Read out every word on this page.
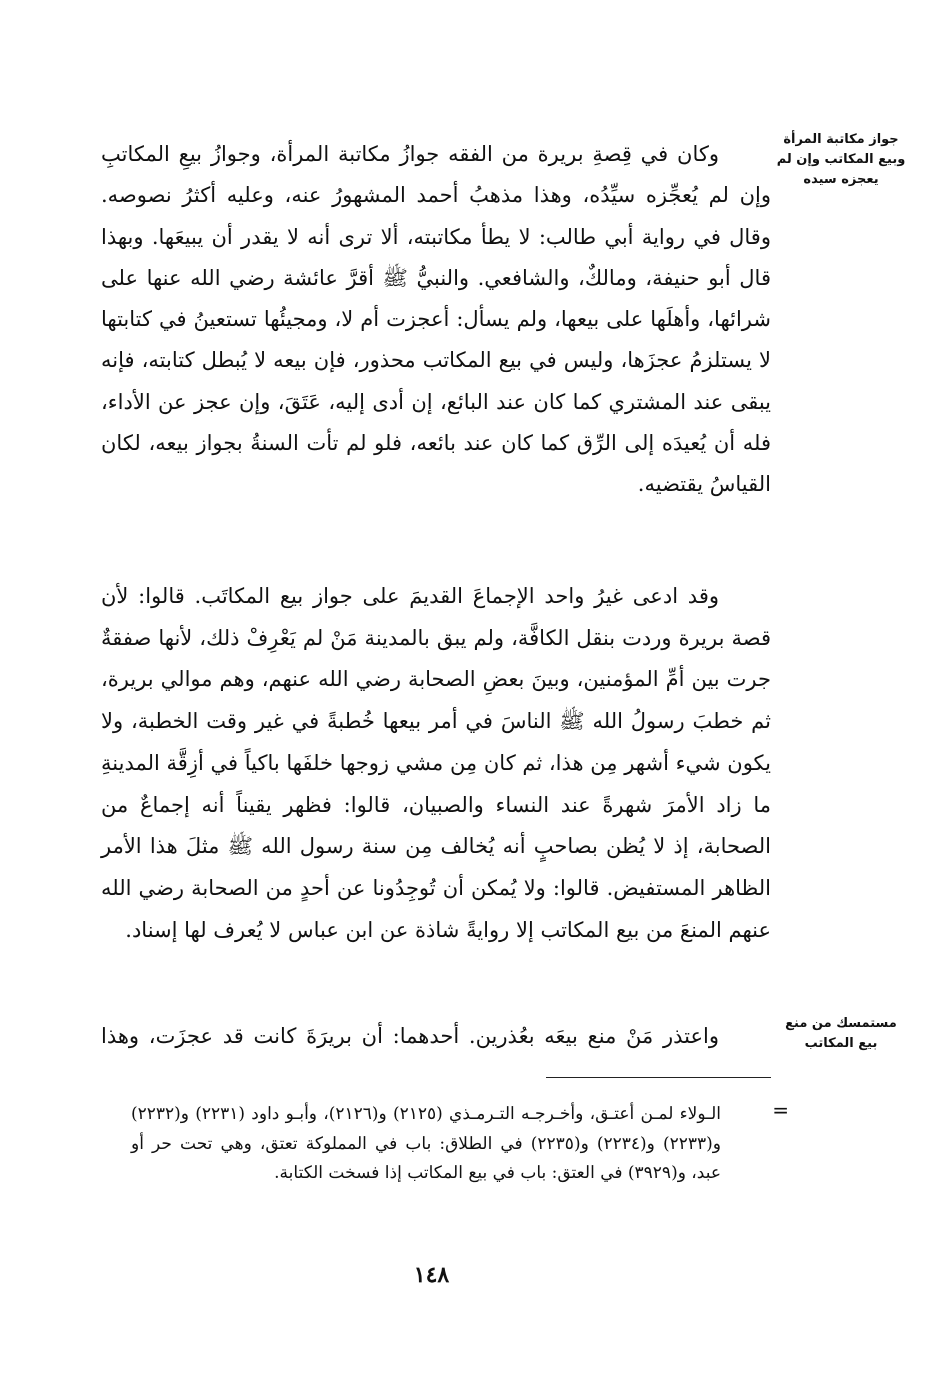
جواز مكاتبة المرأة وبيع المكاتب وإن لم يعجزه سيده
مستمسك من منع بيع المكاتب

وكان في قِصةِ بريرة من الفقه جوازُ مكاتبة المرأة، وجوازُ بيعِ المكاتبِ وإن لم يُعجِّزه سيِّدُه، وهذا مذهبُ أحمد المشهورُ عنه، وعليه أكثرُ نصوصه. وقال في رواية أبي طالب: لا يطأ مكاتبته، ألا ترى أنه لا يقدر أن يبيعَها. وبهذا قال أبو حنيفة، ومالكٌ، والشافعي. والنبيُّ ﷺ أقرَّ عائشة رضي الله عنها على شرائها، وأهلَها على بيعها، ولم يسأل: أعجزت أم لا، ومجيئُها تستعينُ في كتابتها لا يستلزمُ عجزَها، وليس في بيع المكاتب محذور، فإن بيعه لا يُبطل كتابته، فإنه يبقى عند المشتري كما كان عند البائع، إن أدى إليه، عَتَقَ، وإن عجز عن الأداء، فله أن يُعيدَه إلى الرِّق كما كان عند بائعه، فلو لم تأت السنةُ بجواز بيعه، لكان القياسُ يقتضيه.

وقد ادعى غيرُ واحد الإجماعَ القديمَ على جواز بيع المكاتَب. قالوا: لأن قصة بريرة وردت بنقل الكافَّة، ولم يبق بالمدينة مَنْ لم يَعْرِفْ ذلك، لأنها صفقةٌ جرت بين أمِّ المؤمنين، وبينَ بعضِ الصحابة رضي الله عنهم، وهم موالي بريرة، ثم خطبَ رسولُ الله ﷺ الناسَ في أمر بيعها خُطبةً في غير وقت الخطبة، ولا يكون شيء أشهر مِن هذا، ثم كان مِن مشي زوجها خلفَها باكياً في أزِقَّة المدينةِ ما زاد الأمرَ شهرةً عند النساء والصبيان، قالوا: فظهر يقيناً أنه إجماعٌ من الصحابة، إذ لا يُظن بصاحبٍ أنه يُخالف مِن سنة رسول الله ﷺ مثلَ هذا الأمر الظاهر المستفيض. قالوا: ولا يُمكن أن تُوجِدُونا عن أحدٍ من الصحابة رضي الله عنهم المنعَ من بيع المكاتب إلا روايةً شاذة عن ابن عباس لا يُعرف لها إسناد.

واعتذر مَنْ منع بيعَه بعُذرين. أحدهما: أن بريرَةَ كانت قد عجزَت، وهذا

=
الـولاء لمـن أعتـق، وأخـرجـه التـرمـذي (٢١٢٥) و(٢١٢٦)، وأبـو داود (٢٢٣١) و(٢٢٣٢) و(٢٢٣٣) و(٢٢٣٤) و(٢٢٣٥) في الطلاق: باب في المملوكة تعتق، وهي تحت حر أو عبد، و(٣٩٢٩) في العتق: باب في بيع المكاتب إذا فسخت الكتابة.
١٤٨
